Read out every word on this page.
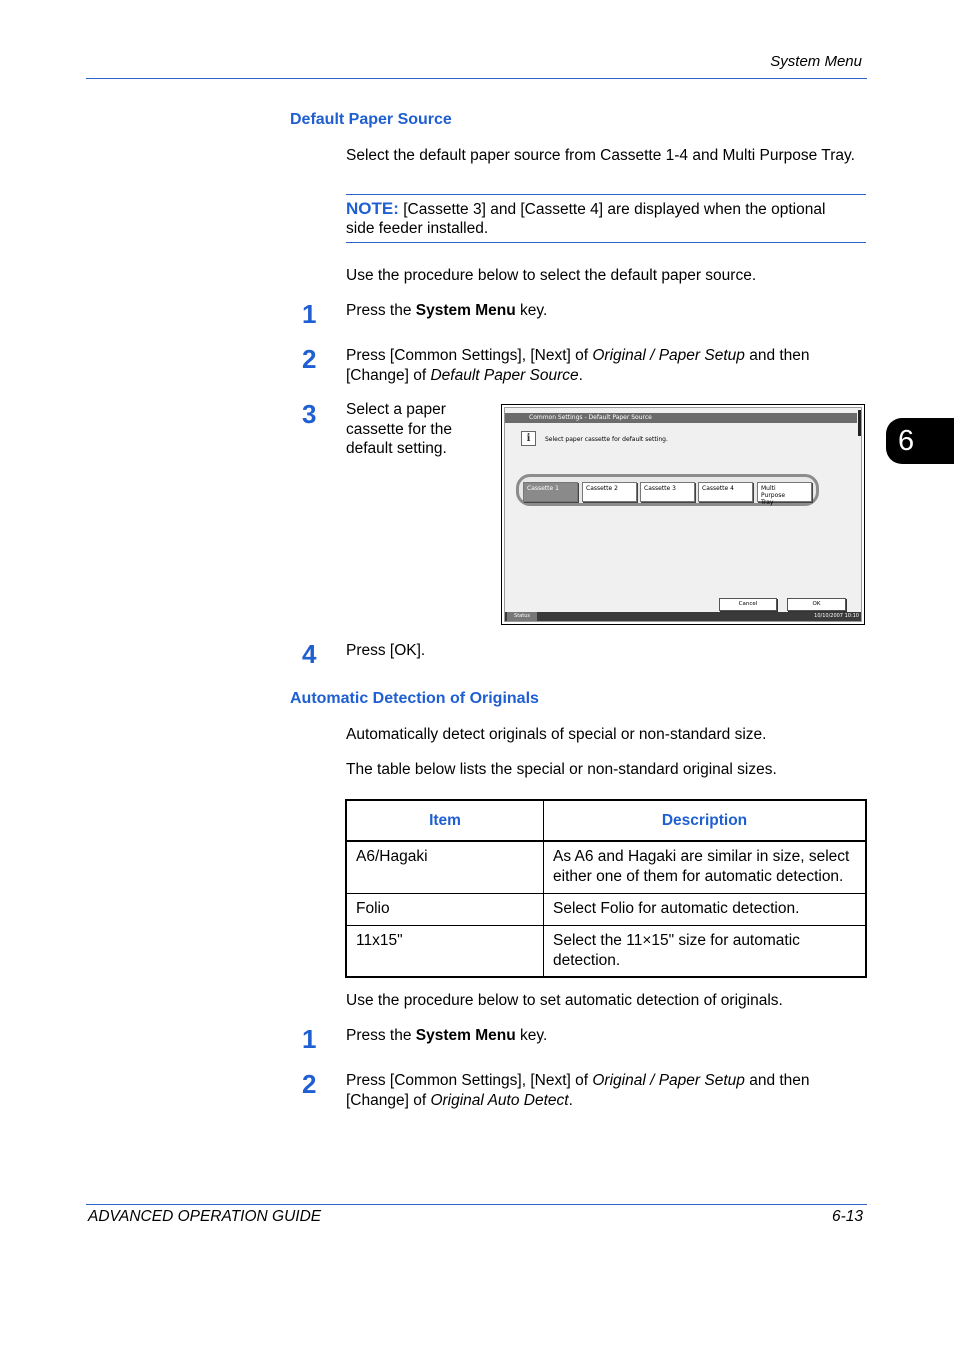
System Menu
6
Default Paper Source
Select the default paper source from Cassette 1-4 and Multi Purpose Tray.
NOTE: [Cassette 3] and [Cassette 4] are displayed when the optional side feeder installed.
Use the procedure below to select the default paper source.
1 Press the System Menu key.
2 Press [Common Settings], [Next] of Original / Paper Setup and then [Change] of Default Paper Source.
3 Select a paper cassette for the default setting.
Common Settings - Default Paper Source
i	Select paper cassette for default setting.
Cassette 1	Cassette 2	Cassette 3	Cassette 4	Multi Purpose Tray
Cancel	OK
Status	10/10/2007 10:10
4 Press [OK].
Automatic Detection of Originals
Automatically detect originals of special or non-standard size.
The table below lists the special or non-standard original sizes.
Item	Description
A6/Hagaki	As A6 and Hagaki are similar in size, select either one of them for automatic detection.
Folio	Select Folio for automatic detection.
11x15"	Select the 11×15" size for automatic detection.
Use the procedure below to set automatic detection of originals.
1 Press the System Menu key.
2 Press [Common Settings], [Next] of Original / Paper Setup and then [Change] of Original Auto Detect.
ADVANCED OPERATION GUIDE	6-13
